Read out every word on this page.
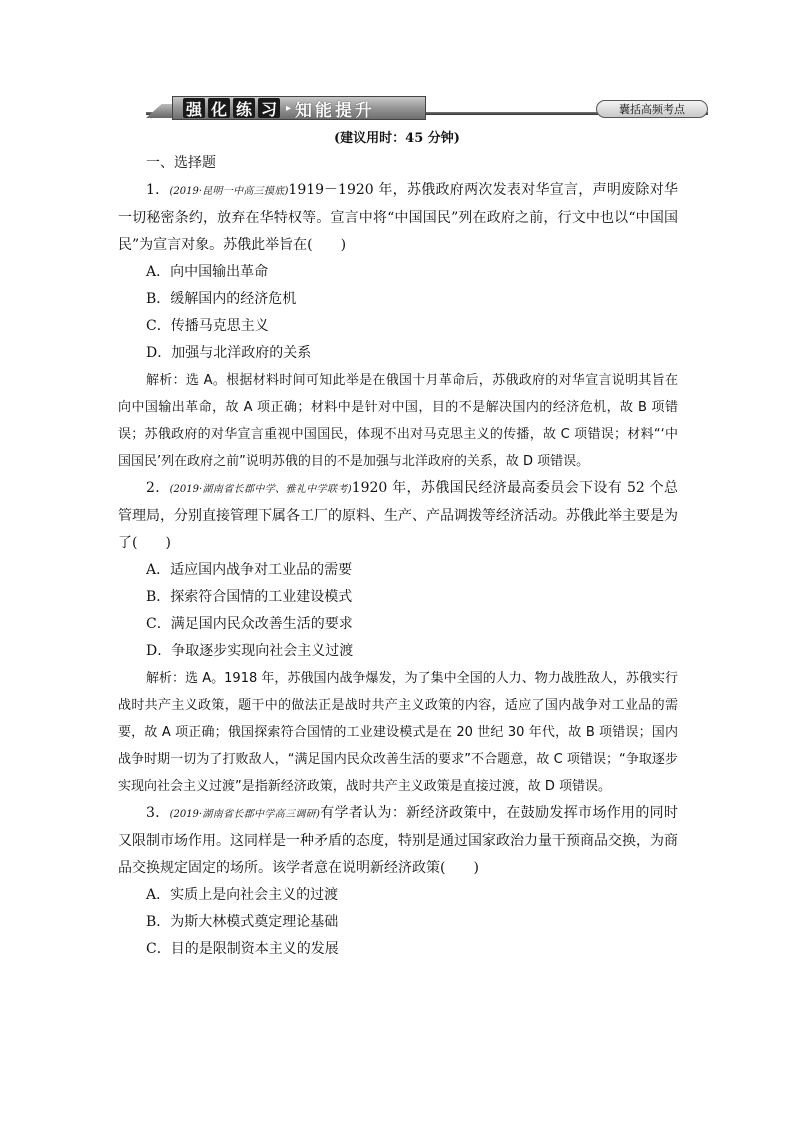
强 化 练 习 ▸ 知能提升	囊括高频考点
(建议用时：45 分钟)

一、选择题

1．(2019·昆明一中高三摸底)1919－1920 年，苏俄政府两次发表对华宣言，声明废除对华一切秘密条约，放弃在华特权等。宣言中将“中国国民”列在政府之前，行文中也以“中国国民”为宣言对象。苏俄此举旨在(　　)

A．向中国输出革命

B．缓解国内的经济危机

C．传播马克思主义

D．加强与北洋政府的关系

解析：选 A。根据材料时间可知此举是在俄国十月革命后，苏俄政府的对华宣言说明其旨在向中国输出革命，故 A 项正确；材料中是针对中国，目的不是解决国内的经济危机，故 B 项错误；苏俄政府的对华宣言重视中国国民，体现不出对马克思主义的传播，故 C 项错误；材料“‘中国国民’列在政府之前”说明苏俄的目的不是加强与北洋政府的关系，故 D 项错误。

2．(2019·湖南省长郡中学、雅礼中学联考)1920 年，苏俄国民经济最高委员会下设有 52 个总管理局，分别直接管理下属各工厂的原料、生产、产品调拨等经济活动。苏俄此举主要是为了(　　)

A．适应国内战争对工业品的需要

B．探索符合国情的工业建设模式

C．满足国内民众改善生活的要求

D．争取逐步实现向社会主义过渡

解析：选 A。1918 年，苏俄国内战争爆发，为了集中全国的人力、物力战胜敌人，苏俄实行战时共产主义政策，题干中的做法正是战时共产主义政策的内容，适应了国内战争对工业品的需要，故 A 项正确；俄国探索符合国情的工业建设模式是在 20 世纪 30 年代，故 B 项错误；国内战争时期一切为了打败敌人，“满足国内民众改善生活的要求”不合题意，故 C 项错误；“争取逐步实现向社会主义过渡”是指新经济政策，战时共产主义政策是直接过渡，故 D 项错误。

3．(2019·湖南省长郡中学高三调研)有学者认为：新经济政策中，在鼓励发挥市场作用的同时又限制市场作用。这同样是一种矛盾的态度，特别是通过国家政治力量干预商品交换，为商品交换规定固定的场所。该学者意在说明新经济政策(　　)

A．实质上是向社会主义的过渡

B．为斯大林模式奠定理论基础

C．目的是限制资本主义的发展
